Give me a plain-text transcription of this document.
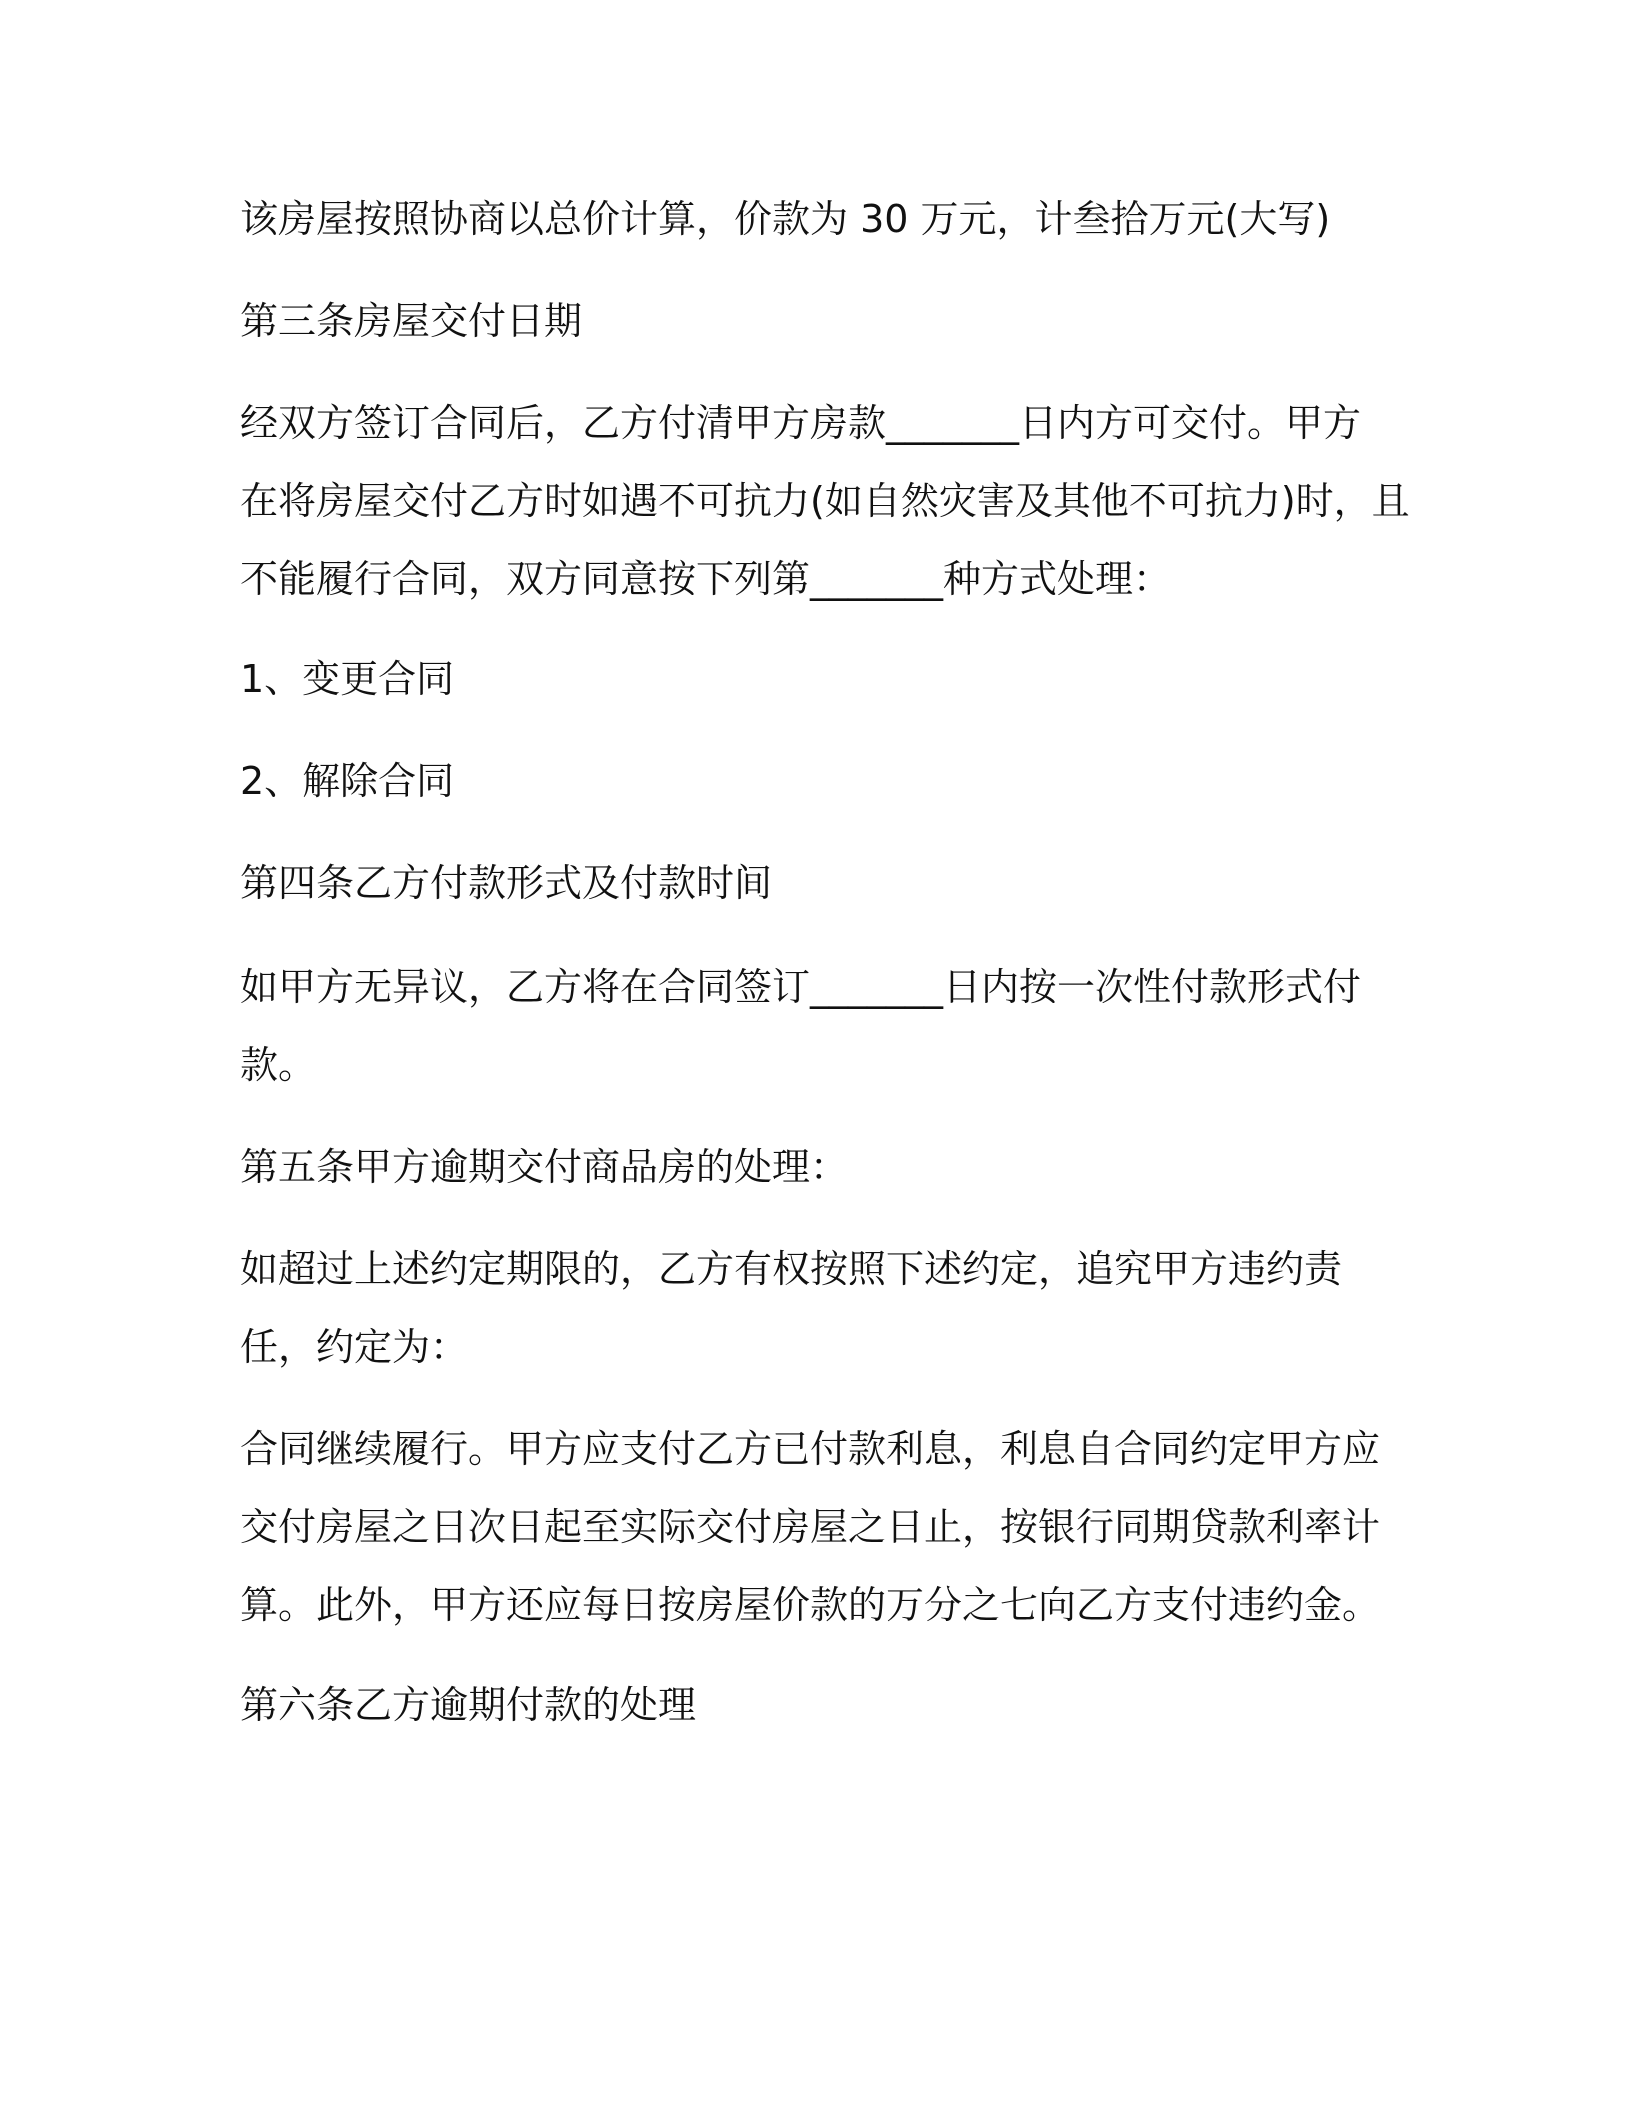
该房屋按照协商以总价计算，价款为 30 万元，计叁拾万元(大写)

第三条房屋交付日期

经双方签订合同后，乙方付清甲方房款_______日内方可交付。甲方
在将房屋交付乙方时如遇不可抗力(如自然灾害及其他不可抗力)时，且
不能履行合同，双方同意按下列第_______种方式处理：

1、变更合同

2、解除合同

第四条乙方付款形式及付款时间

如甲方无异议，乙方将在合同签订_______日内按一次性付款形式付
款。

第五条甲方逾期交付商品房的处理：

如超过上述约定期限的，乙方有权按照下述约定，追究甲方违约责
任，约定为：

合同继续履行。甲方应支付乙方已付款利息，利息自合同约定甲方应
交付房屋之日次日起至实际交付房屋之日止，按银行同期贷款利率计
算。此外，甲方还应每日按房屋价款的万分之七向乙方支付违约金。

第六条乙方逾期付款的处理
